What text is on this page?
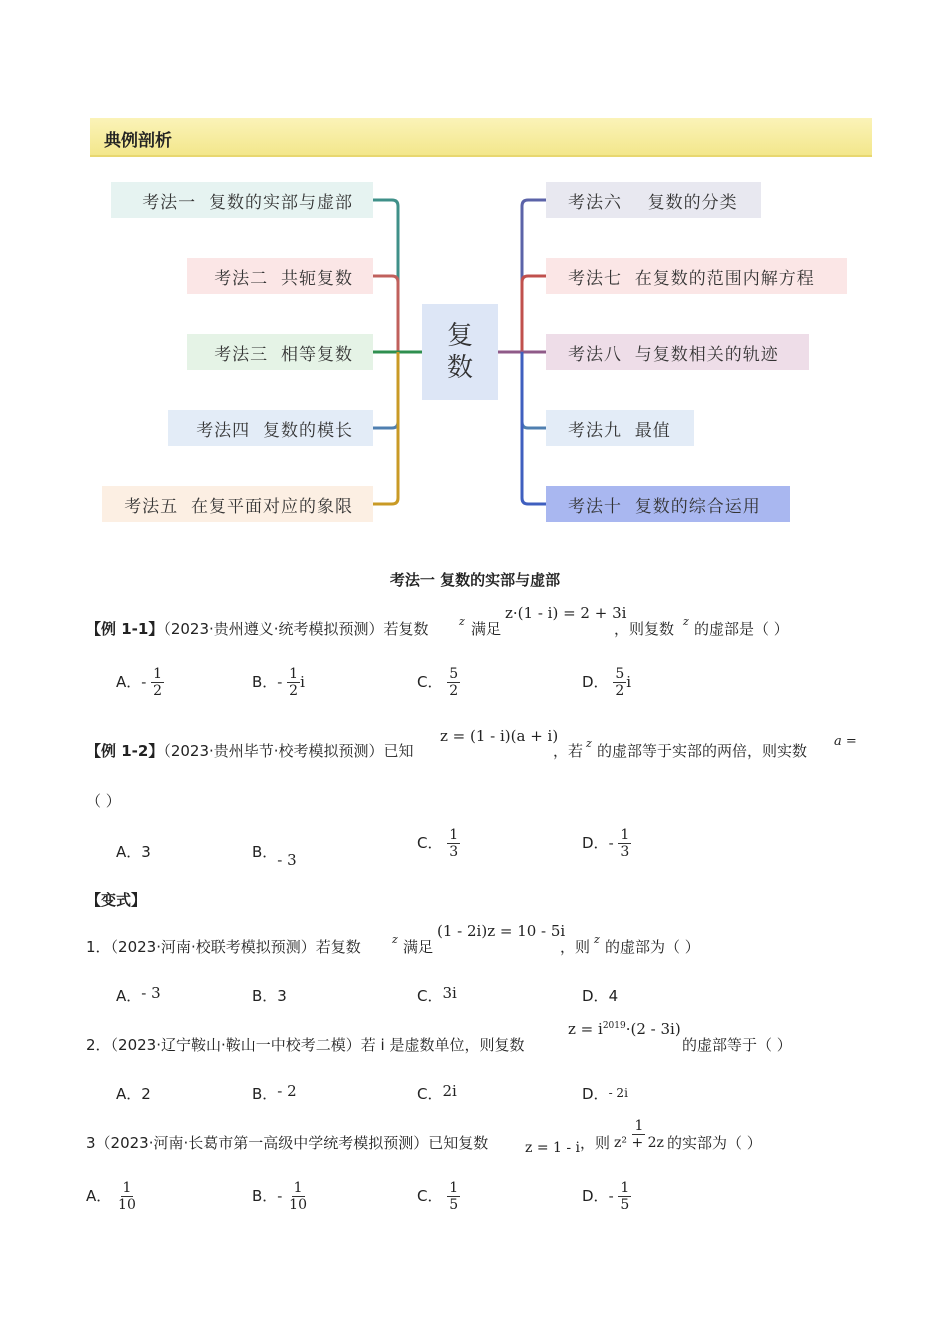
典例剖析
考法一  复数的实部与虚部
考法二  共轭复数
考法三  相等复数
考法四  复数的模长
考法五  在复平面对应的象限
复
数
考法六    复数的分类
考法七  在复数的范围内解方程
考法八  与复数相关的轨迹
考法九  最值
考法十  复数的综合运用
考法一 复数的实部与虚部
【例 1-1】（2023·贵州遵义·统考模拟预测）若复数	z 满足
z·(1 - i) = 2 + 3i
，则复数 z 的虚部是（ ）
A．- $\frac{1}{2}$	B．- $\frac{1}{2}$ i	C． $\frac{5}{2}$	D． $\frac{5}{2}$ i
【例 1-2】（2023·贵州毕节·校考模拟预测）已知
z = (1 - i)(a + i)
，若 z 的虚部等于实部的两倍，则实数
a =
（ ）
A．3	B．- 3
C． $\frac{1}{3}$	D．- $\frac{1}{3}$
【变式】
1．（2023·河南·校联考模拟预测）若复数	z 满足
(1 - 2i)z = 10 - 5i
，则 z 的虚部为（ ）
A．- 3	B．3	C．3i	D．4
2．（2023·辽宁鞍山·鞍山一中校考二模）若 i 是虚数单位，则复数
$z = i^{2019}\cdot(2 - 3i)$
的虚部等于（ ）
A．2	B．- 2	C．2i	D．- 2i
3（2023·河南·长葛市第一高级中学统考模拟预测）已知复数	z = 1 - i ，则 $\frac{1}{\text{z² + 2z}}$ 的实部为（ ）
A． $\frac{1}{10}$	B．- $\frac{1}{10}$	C． $\frac{1}{5}$	D．- $\frac{1}{5}$
